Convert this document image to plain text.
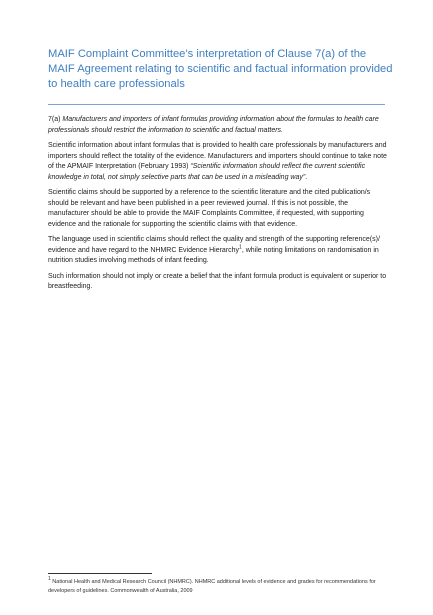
MAIF Complaint Committee’s interpretation of Clause 7(a) of the MAIF Agreement relating to scientific and factual information provided to health care professionals

7(a) Manufacturers and importers of infant formulas providing information about the formulas to health care professionals should restrict the information to scientific and factual matters.

Scientific information about infant formulas that is provided to health care professionals by manufacturers and importers should reflect the totality of the evidence. Manufacturers and importers should continue to take note of the APMAIF Interpretation (February 1993) “Scientific information should reflect the current scientific knowledge in total, not simply selective parts that can be used in a misleading way”.

Scientific claims should be supported by a reference to the scientific literature and the cited publication/s should be relevant and have been published in a peer reviewed journal. If this is not possible, the manufacturer should be able to provide the MAIF Complaints Committee, if requested, with supporting evidence and the rationale for supporting the scientific claims with that evidence.

The language used in scientific claims should reflect the quality and strength of the supporting reference(s)/ evidence and have regard to the NHMRC Evidence Hierarchy$^1$, while noting limitations on randomisation in nutrition studies involving methods of infant feeding.

Such information should not imply or create a belief that the infant formula product is equivalent or superior to breastfeeding.

$^1$ National Health and Medical Research Council (NHMRC). NHMRC additional levels of evidence and grades for recommendations for developers of guidelines. Commonwealth of Australia, 2009
